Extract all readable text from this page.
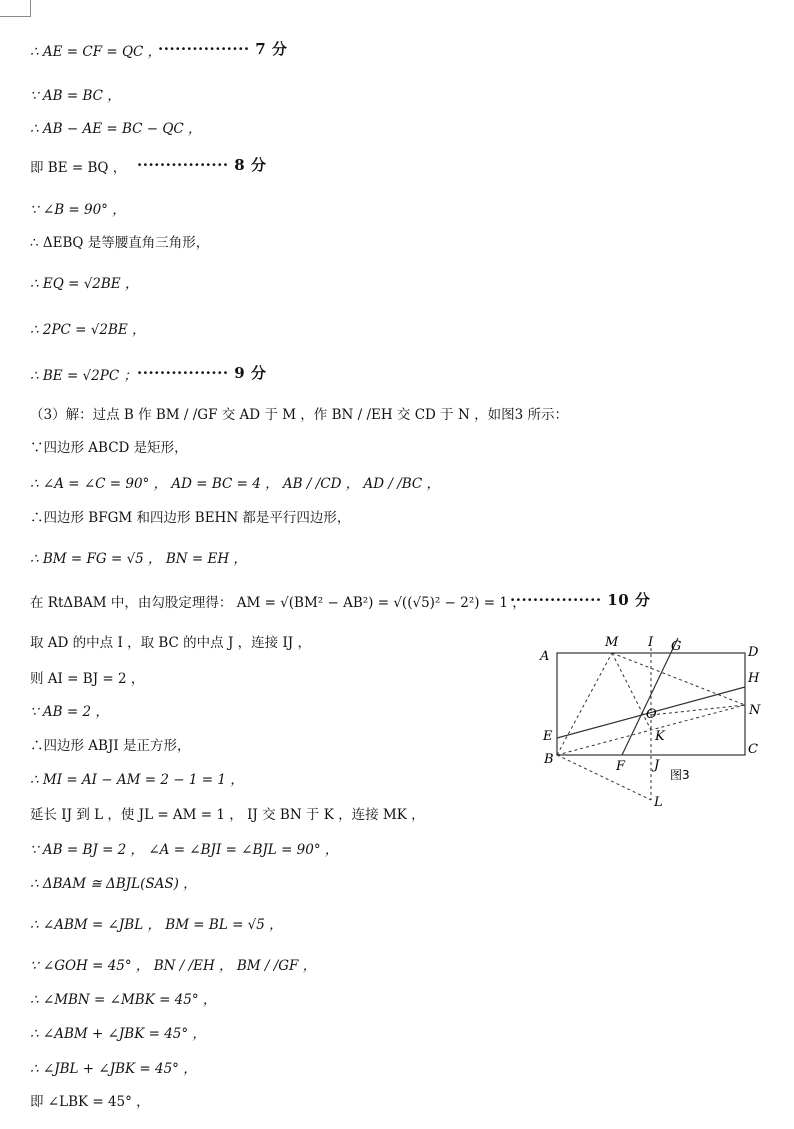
∴ AE = CF = QC ，
················ 7 分
∵ AB = BC ，
∴ AB − AE = BC − QC ，
即 BE = BQ ， ················ 8 分
∵ ∠B = 90° ，
∴ ΔEBQ 是等腰直角三角形，
∴ EQ = √2BE ，
∴ 2PC = √2BE ，
∴ BE = √2PC ； ················ 9 分
（3）解：过点 B 作 BM / /GF 交 AD 于 M ，作 BN / /EH 交 CD 于 N ，如图3 所示：
∵四边形 ABCD 是矩形，
∴ ∠A = ∠C = 90° ， AD = BC = 4 ， AB / /CD ， AD / /BC ，
∴四边形 BFGM 和四边形 BEHN 都是平行四边形，
∴ BM = FG = √5 ， BN = EH ，
在 RtΔBAM 中，由勾股定理得： AM = √(BM² − AB²) = √((√5)² − 2²) = 1 ，
················ 10 分
取 AD 的中点 I ，取 BC 的中点 J ，连接 IJ ，
则 AI = BJ = 2 ，
∵ AB = 2 ，
∴四边形 ABJI 是正方形，
∴ MI = AI − AM = 2 − 1 = 1 ，
延长 IJ 到 L ，使 JL = AM = 1 ， IJ 交 BN 于 K ，连接 MK ，
∵ AB = BJ = 2 ， ∠A = ∠BJI = ∠BJL = 90° ，
∴ ΔBAM ≅ ΔBJL(SAS) ，
∴ ∠ABM = ∠JBL ， BM = BL = √5 ，
∵ ∠GOH = 45° ， BN / /EH ， BM / /GF ，
∴ ∠MBN = ∠MBK = 45° ，
∴ ∠ABM + ∠JBK = 45° ，
∴ ∠JBL + ∠JBK = 45° ，
即 ∠LBK = 45° ，
A
M I G	D
H
N
E
O
K
C
B	F J
L
图3
